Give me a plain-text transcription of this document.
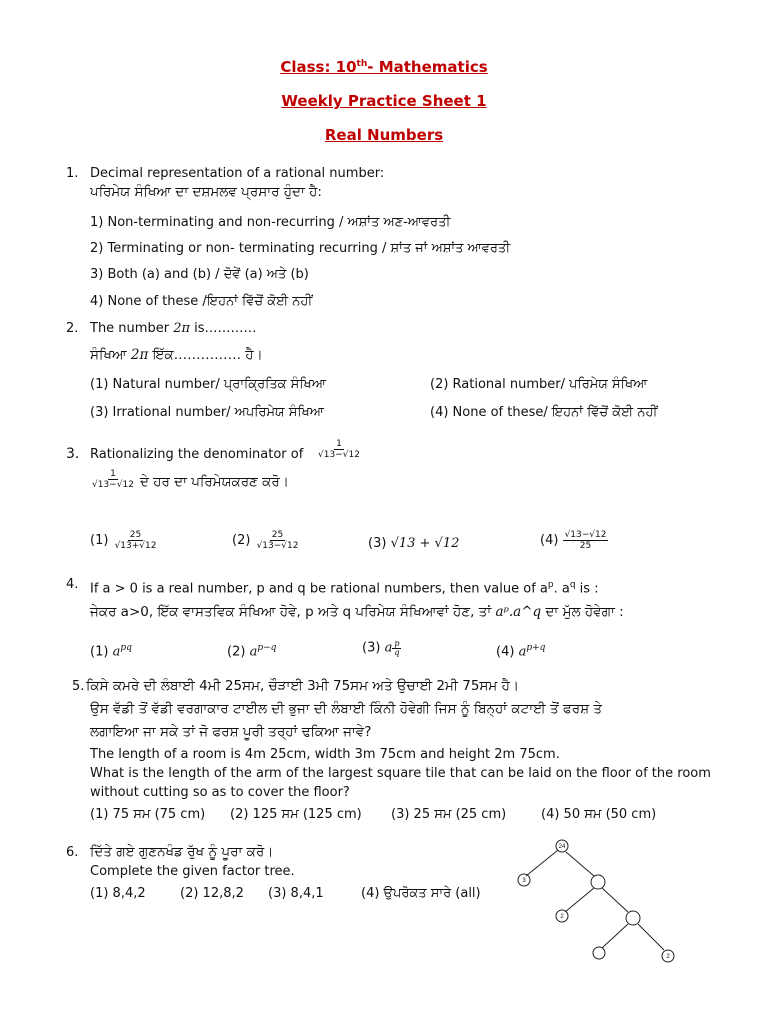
Class: 10th- Mathematics
Weekly Practice Sheet 1
Real Numbers
1. Decimal representation of a rational number:
ਪਰਿਮੇਯ ਸੰਖਿਆ ਦਾ ਦਸ਼ਮਲਵ ਪ੍ਰਸਾਰ ਹੁੰਦਾ ਹੈ:
1) Non-terminating and non-recurring / ਅਸ਼ਾਂਤ ਅਣ-ਆਵਰਤੀ
2) Terminating or non- terminating recurring / ਸ਼ਾਂਤ ਜਾਂ ਅਸ਼ਾਂਤ ਆਵਰਤੀ
3) Both (a) and (b) / ਦੋਵੇਂ (a) ਅਤੇ (b)
4) None of these /ਇਹਨਾਂ ਵਿੱਚੋਂ ਕੋਈ ਨਹੀਂ
2. The number 2π is…………
ਸੰਖਿਆ 2π ਇੱਕ…………… ਹੈ।
(1) Natural number/ ਪ੍ਰਾਕ੍ਰਿਤਿਕ ਸੰਖਿਆ	(2) Rational number/ ਪਰਿਮੇਯ ਸੰਖਿਆ
(3) Irrational number/ ਅਪਰਿਮੇਯ ਸੰਖਿਆ	(4) None of these/ ਇਹਨਾਂ ਵਿੱਚੋਂ ਕੋਈ ਨਹੀਂ
3. Rationalizing the denominator of $\frac{1}{√13-√12}$
$\frac{1}{√13-√12}$ ਦੇ ਹਰ ਦਾ ਪਰਿਮੇਯਕਰਣ ਕਰੋ।
$(1) \frac{25}{√13+√12}$	$(2) \frac{25}{√13-√12}$	(3) √13 + √12	$(4) \frac{√13-√12}{25}$
4. If a > 0 is a real number, p and q be rational numbers, then value of $a^p$. $a^q$ is :
ਜੇਕਰ a>0, ਇੱਕ ਵਾਸਤਵਿਕ ਸੰਖਿਆ ਹੋਵੇ, p ਅਤੇ q ਪਰਿਮੇਯ ਸੰਖਿਆਵਾਂ ਹੋਣ, ਤਾਂ aᵖ.a^q ਦਾ ਮੁੱਲ ਹੋਵੇਗਾ :
(1) $a^{pq}$	(2) $a^{p-q}$	(3) a $\frac{p}{q}$	(4) $a^{p+q}$
5. ਕਿਸੇ ਕਮਰੇ ਦੀ ਲੰਬਾਈ 4ਮੀ 25ਸਮ, ਚੌੜਾਈ 3ਮੀ 75ਸਮ ਅਤੇ ਉਚਾਈ 2ਮੀ 75ਸਮ ਹੈ।
ਉਸ ਵੱਡੀ ਤੋਂ ਵੱਡੀ ਵਰਗਾਕਾਰ ਟਾਈਲ ਦੀ ਭੁਜਾ ਦੀ ਲੰਬਾਈ ਕਿੰਨੀ ਹੋਵੇਗੀ ਜਿਸ ਨੂੰ ਬਿਨ੍ਹਾਂ ਕਟਾਈ ਤੋਂ ਫਰਸ਼ ਤੇ
ਲਗਾਇਆ ਜਾ ਸਕੇ ਤਾਂ ਜੋ ਫਰਸ਼ ਪੂਰੀ ਤਰ੍ਹਾਂ ਢਕਿਆ ਜਾਵੇ?
The length of a room is 4m 25cm, width 3m 75cm and height 2m 75cm.
What is the length of the arm of the largest square tile that can be laid on the floor of the room
without cutting so as to cover the floor?
(1) 75 ਸਮ (75 cm) (2) 125 ਸਮ (125 cm) (3) 25 ਸਮ (25 cm)	(4) 50 ਸਮ (50 cm)
6. ਦਿੱਤੇ ਗਏ ਗੁਣਨਖੰਡ ਰੁੱਖ ਨੂੰ ਪੂਰਾ ਕਰੋ।
Complete the given factor tree.
(1) 8,4,2	(2) 12,8,2 (3) 8,4,1	(4) ਉਪਰੋਕਤ ਸਾਰੇ (all)
24
3
2
2
